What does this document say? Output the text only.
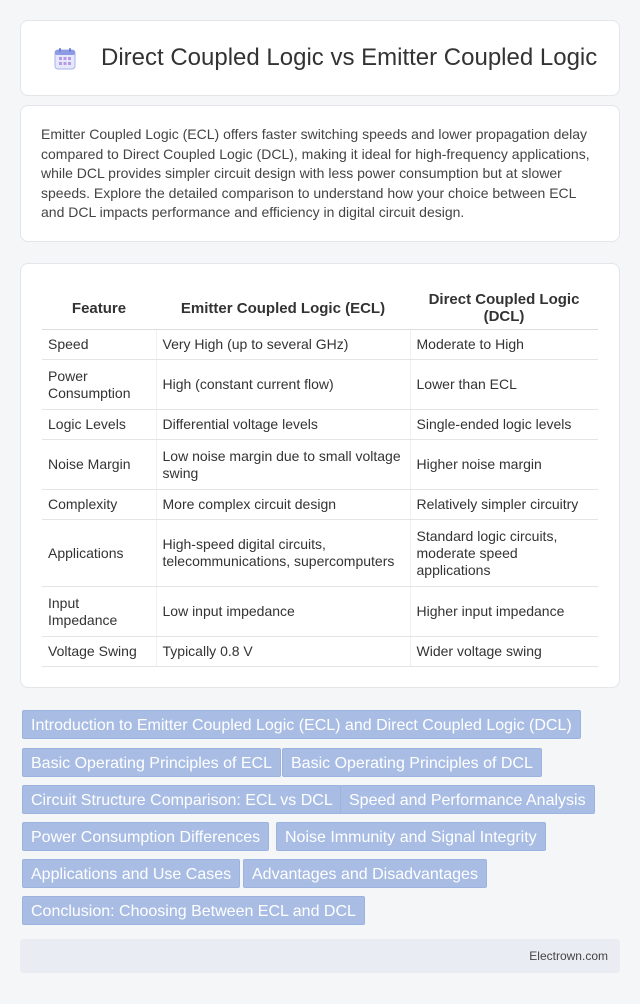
Direct Coupled Logic vs Emitter Coupled Logic

Emitter Coupled Logic (ECL) offers faster switching speeds and lower propagation delay compared to Direct Coupled Logic (DCL), making it ideal for high-frequency applications, while DCL provides simpler circuit design with less power consumption but at slower speeds. Explore the detailed comparison to understand how your choice between ECL and DCL impacts performance and efficiency in digital circuit design.

Feature	Emitter Coupled Logic (ECL)	Direct Coupled Logic (DCL)
Speed	Very High (up to several GHz)	Moderate to High
Power Consumption	High (constant current flow)	Lower than ECL
Logic Levels	Differential voltage levels	Single-ended logic levels
Noise Margin	Low noise margin due to small voltage swing	Higher noise margin
Complexity	More complex circuit design	Relatively simpler circuitry
Applications	High-speed digital circuits, telecommunications, supercomputers	Standard logic circuits, moderate speed applications
Input Impedance	Low input impedance	Higher input impedance
Voltage Swing	Typically 0.8 V	Wider voltage swing
Introduction to Emitter Coupled Logic (ECL) and Direct Coupled Logic (DCL)
Basic Operating Principles of ECL	Basic Operating Principles of DCL
Circuit Structure Comparison: ECL vs DCL	Speed and Performance Analysis
Power Consumption Differences	Noise Immunity and Signal Integrity
Applications and Use Cases	Advantages and Disadvantages
Conclusion: Choosing Between ECL and DCL
Electrown.com
